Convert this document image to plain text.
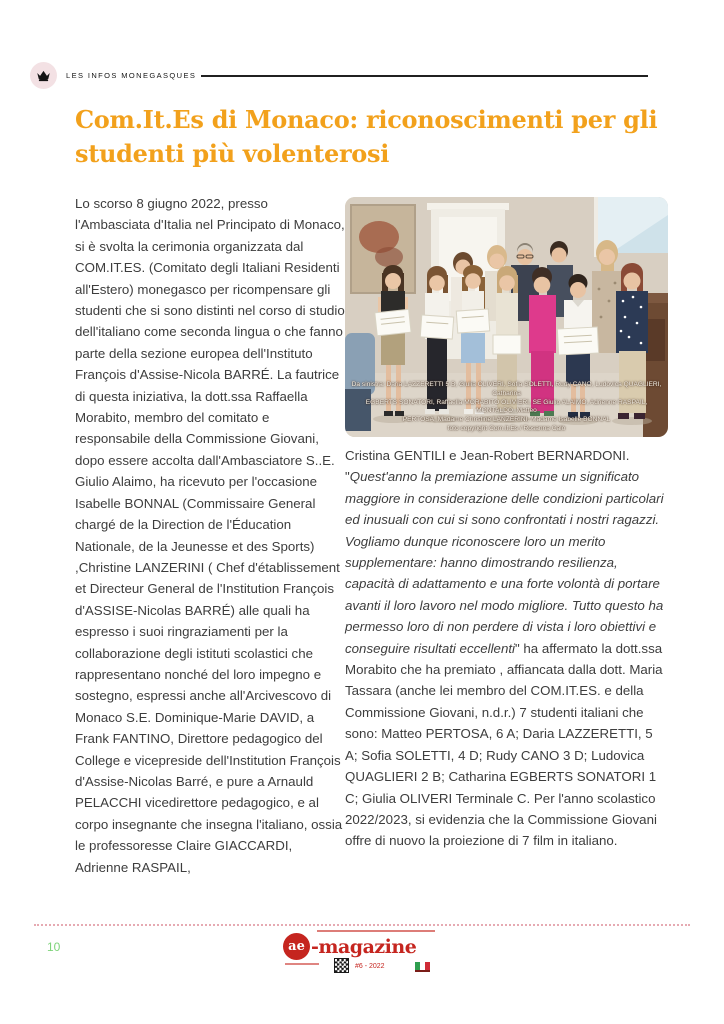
LES INFOS MONEGASQUES
Com.It.Es di Monaco: riconoscimenti per gli studenti più volenterosi
Lo scorso 8 giugno 2022, presso l'Ambasciata d'Italia nel Principato di Monaco, si è svolta la cerimonia organizzata dal COM.IT.ES. (Comitato degli Italiani Residenti all'Estero) monegasco per ricompensare gli studenti che si sono distinti nel corso di studio dell'italiano come seconda lingua o che fanno parte della sezione europea dell'Instituto François d'Assise-Nicola BARRÉ. La fautrice di questa iniziativa, la dott.ssa Raffaella Morabito, membro del comitato e responsabile della Commissione Giovani, dopo essere accolta dall'Ambasciatore S..E. Giulio Alaimo, ha ricevuto per l'occasione Isabelle BONNAL (Commissaire General chargé de la Direction de l'Éducation Nationale, de la Jeunesse et des Sports) ,Christine LANZERINI ( Chef d'établissement et Directeur General de l'Institution François d'ASSISE-Nicolas BARRÉ) alle quali ha espresso i suoi ringraziamenti per la collaborazione degli istituti scolastici che rappresentano nonché del loro impegno e sostegno, espressi anche all'Arcivescovo di Monaco S.E. Dominique-Marie DAVID, a Frank FANTINO, Direttore pedagogico del College e vicepreside dell'Institution François d'Assise-Nicolas Barré, e pure a Arnauld PELACCHI vicedirettore pedagogico, e al corpo insegnante che insegna l'italiano, ossia le professoresse Claire GIACCARDI, Adrienne RASPAIL,
Da sinistra: Daria LAZZERETTI 5 B, Giulia OLIVERI, Sofia SOLETTI, Rudy CANO, Ludovica QUAGLIERI, Catharina
EGBERTS SONATORI, Raffaella MORABITO OLIVIERI, SE Giulio ALAIMO, Adrienne RASPAIL, MONTALDO, Matteo
PERTOSA, Madame Christine LANZERINI, Madame Isabelle BONNAL
foto copyright Com.It.Es / Rosanna Calò
Cristina GENTILI e Jean-Robert BERNARDONI. "Quest'anno la premiazione assume un significato maggiore in considerazione delle condizioni particolari ed inusuali con cui si sono confrontati i nostri ragazzi. Vogliamo dunque riconoscere loro un merito supplementare: hanno dimostrando resilienza, capacità di adattamento e una forte volontà di portare avanti il loro lavoro nel modo migliore. Tutto questo ha permesso loro di non perdere di vista i loro obiettivi e conseguire risultati eccellenti" ha affermato la dott.ssa Morabito che ha premiato , affiancata dalla dott. Maria Tassara (anche lei membro del COM.IT.ES. e della Commissione Giovani, n.d.r.) 7 studenti italiani che sono: Matteo PERTOSA, 6 A; Daria LAZZERETTI, 5 A; Sofia SOLETTI, 4 D; Rudy CANO 3 D; Ludovica QUAGLIERI 2 B; Catharina EGBERTS SONATORI 1 C; Giulia OLIVERI Terminale C. Per l'anno scolastico 2022/2023, si evidenzia che la Commissione Giovani offre di nuovo la proiezione di 7 film in italiano.
10	ae -magazine
#6 - 2022
